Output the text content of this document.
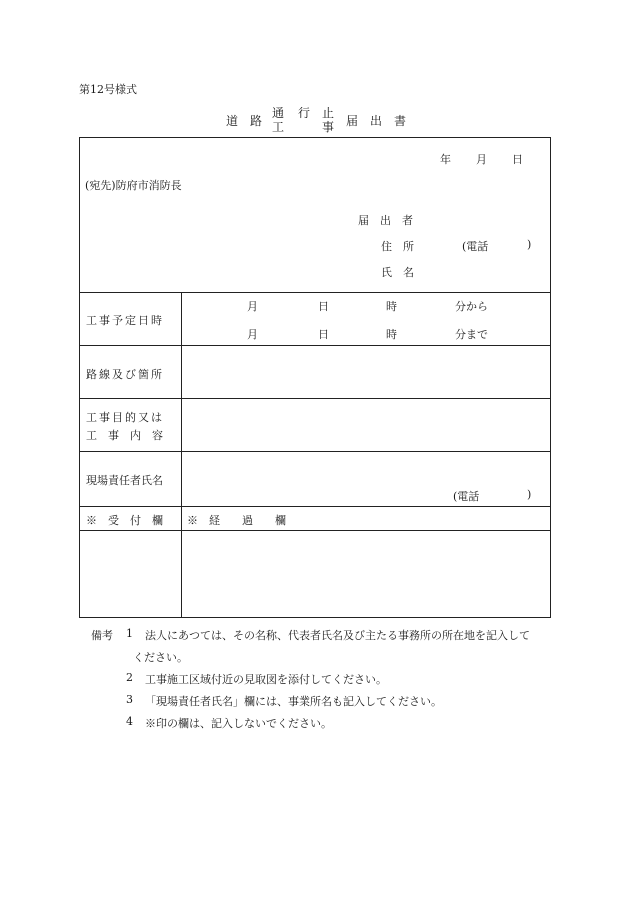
第12号様式
道　路
通
工
行 止
事 届　出　書
年 月 日
(宛先)防府市消防長
届　出　者
住　所	(電話	)
氏　名
工事予定日時
月	日	時	分から
月	日	時	分まで
路線及び箇所
工事目的又は
工　事　内　容
現場責任者氏名
(電話	)
※　受　付　欄 ※　経　　過　　欄
備考 1 法人にあつては、その名称、代表者氏名及び主たる事務所の所在地を記入して
ください。
2 工事施工区域付近の見取図を添付してください。
3 「現場責任者氏名」欄には、事業所名も記入してください。
4 ※印の欄は、記入しないでください。
